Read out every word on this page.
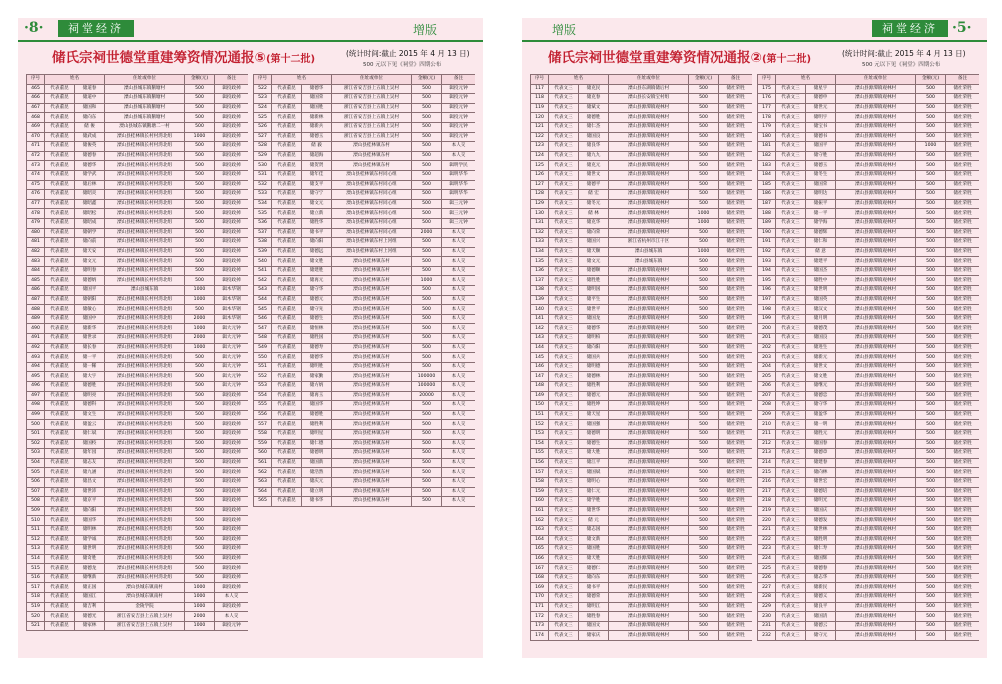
·8·	祠堂经济	增版
储氏宗祠世德堂重建筹资情况通报⑤(第十二批)
(统计时间:截止 2015 年 4 月 13 日)
500 元以下见《祠堂》四期公布
序号	姓名		住址或单位	金额(元)	备注
465	代表董昆	储道春	溧山县城东镇鹅塘村	500	辑投政掉
466	代表董昆	储道中	溧山县城东镇鹅塘村	500	辑投政掉
467	代表董昆	储国和	溧山县城东镇鹅塘村	500	辑投政掉
468	代表董昆	储向东	溧山县城东镇鹅塘村	500	辑投政掉
469	代表董昆	储 俊	溧山县城东镇鹅塘二一村	500	辑投政掉
470	代表董昆	储武成	溧山县桂林镇长村村湾北组	1000	辑投政掉
471	代表董昆	储俊英	溧山县桂林镇长村村湾北组	500	辑投政掉
472	代表董昆	储德春	溧山县桂林镇长村村湾北组	500	辑投政掉
473	代表董昆	储德华	溧山县桂林镇长村村湾北组	500	辑投政掉
474	代表董昆	储学武	溧山县桂林镇长村村湾北组	500	辑投政掉
475	代表董昆	储后林	溧山县桂林镇长村村湾北组	500	辑投政掉
476	代表董昆	储昭炎	溧山县桂林镇长村村湾北组	500	辑投政掉
477	代表董昆	储昭鑫	溧山县桂林镇长村村湾北组	500	辑投政掉
478	代表董昆	储昭松	溧山县桂林镇长村村湾北组	500	辑投政掉
479	代表董昆	储昭成	溧山县桂林镇长村村湾北组	500	辑投政掉
480	代表董昆	储朝学	溧山县桂林镇长村村湾北组	500	辑投政掉
481	代表董昆	储向前	溧山县桂林镇长村村湾北组	500	辑投政掉
482	代表董昆	储天安	溧山县桂林镇长村村湾北组	500	辑投政掉
483	代表董昆	储文元	溧山县桂林镇长村村湾北组	500	辑投政掉
484	代表董昆	储明春	溧山县桂林镇长村村湾北组	500	辑投政掉
485	代表董昆	储德炳	溧山县桂林镇长村村湾北组	500	辑投政掉
486	代表董昆	储国平	溧山县城东镇	1000	辑木华钢
487	代表董昆	储朝阳	溧山县桂林镇长村村湾北组	1000	辑木华钢
488	代表董昆	储敏心	溧山县桂林镇长村村湾北组	500	辑木华钢
489	代表董昆	储国中	溧山县桂林镇长村村湾北组	2000	辑木华钢
490	代表董昆	储新华	溧山县桂林镇长村村湾北组	1000	辑大元钟
491	代表董昆	储世录	溧山县桂林镇长村村湾北组	2000	辑大元钟
492	代表董昆	储长春	溧山县桂林镇长村村湾北组	1000	辑大元钟
493	代表董昆	储一平	溧山县桂林镇长村村湾北组	500	辑大元钟
494	代表董昆	储一稀	溧山县桂林镇长村村湾北组	500	辑大元钟
495	代表董昆	储大宇	溧山县桂林镇长村村湾北组	500	辑大元钟
496	代表董昆	储德胜	溧山县桂林镇长村村湾北组	500	辑大元钟
497	代表董昆	储明亮	溧山县桂林镇长村村湾北组	500	辑投政掉
498	代表董昆	储德科	溧山县桂林镇长村村湾北组	500	辑投政掉
499	代表董昆	储文生	溧山县桂林镇长村村湾北组	500	辑投政掉
500	代表董昆	储盈云	溧山县桂林镇长村村湾北组	500	辑投政掉
501	代表董昆	储仁斌	溧山县桂林镇长村村湾北组	500	辑投政掉
502	代表董昆	储国校	溧山县桂林镇长村村湾北组	500	辑投政掉
503	代表董昆	储年园	溧山县桂林镇长村村湾北组	500	辑投政掉
504	代表董昆	储志友	溧山县桂林镇长村村湾北组	500	辑投政掉
505	代表董昆	储九涵	溧山县桂林镇长村村湾北组	500	辑投政掉
506	代表董昆	储昌文	溧山县桂林镇长村村湾北组	500	辑投政掉
507	代表董昆	储世沛	溧山县桂林镇长村村湾北组	500	辑投政掉
508	代表董昆	储京平	溧山县桂林镇长村村湾北组	500	辑投政掉
509	代表董昆	储向阳	溧山县桂林镇长村村湾北组	500	辑投政掉
510	代表董昆	储国华	溧山县桂林镇长村村湾北组	500	辑投政掉
511	代表董昆	储明林	溧山县桂林镇长村村湾北组	500	辑投政掉
512	代表董昆	储学诚	溧山县桂林镇长村村湾北组	500	辑投政掉
513	代表董昆	储世明	溧山县桂林镇长村村湾北组	500	辑投政掉
514	代表董昆	储奇胜	溧山县桂林镇长村村湾北组	500	辑投政掉
515	代表董昆	储德龙	溧山县桂林镇长村村湾北组	500	辑投政掉
516	代表董昆	储继新	溧山县桂林镇长村村湾北组	500	辑投政掉
517	代表董昆	储正国	溧山县城东镇南村	1000	辑投政掉
518	代表董昆	储国江	溧山县城东镇南村	1000	本人交
519	代表董昆	储吉利	金陵学院	1000	辑投政掉
520	代表董昆	储德光	浙江省安吉县上五镇上吴村	2000	本人交
521	代表董昆	储家林	浙江省安吉县上五镇上吴村	1000	辑投元钟
序号	姓名		住址或单位	金额(元)	备注
522	代表董昆	储德华	浙江省安吉县上五镇上吴村	500	辑投元钟
523	代表董昆	储国荣	浙江省安吉县上五镇上吴村	500	辑投元钟
524	代表董昆	储国胜	浙江省安吉县上五镇上吴村	500	辑投元钟
525	代表董昆	储新林	浙江省安吉县上五镇上吴村	500	辑投元钟
526	代表董昆	储新兵	浙江省安吉县上五镇上吴村	500	辑投元钟
527	代表董昆	储德玉	浙江省安吉县上五镇上吴村	500	辑投元钟
528	代表董昆	储 毅	溧山县桂林镇东村	500	本人交
529	代表董昆	储超海	溧山县桂林镇东村	500	本人交
530	代表董昆	储贺贤	溧山县桂林镇东村	500	辑明学民
531	代表董昆	储年佳	溧山县桂林镇东村同心组	500	辑明华华
532	代表董昆	储支平	溧山县桂林镇东村同心组	500	辑明华华
533	代表董昆	储守宁	溧山县桂林镇东村同心组	500	辑明华华
534	代表董昆	储文元	溧山县桂林镇东村同心组	500	辑三元钟
535	代表董昆	储立新	溧山县桂林镇东村同心组	500	辑三元钟
536	代表董昆	储胜华	溧山县桂林镇东村同心组	500	辑三元钟
537	代表董昆	储书平	溧山县桂林镇东村同心组	2000	本人交
538	代表董昆	储向阳	溧山县桂林镇东村上河组	500	本人交
539	代表董昆	储德远	溧山县桂林镇东村上河组	500	本人交
540	代表董昆	储文胜	溧山县桂林镇东村	500	本人交
541	代表董昆	储建胜	溧山县桂林镇东村	500	本人交
542	代表董昆	储再元	溧山县桂林镇东村	1000	本人交
543	代表董昆	储守华	溧山县桂林镇东村	500	本人交
544	代表董昆	储德元	溧山县桂林镇东村	500	本人交
545	代表董昆	储守先	溧山县桂林镇东村	500	本人交
546	代表董昆	储德生	溧山县桂林镇东村	500	本人交
547	代表董昆	储恒林	溧山县桂林镇东村	500	本人交
548	代表董昆	储胜国	溧山县桂林镇东村	500	本人交
549	代表董昆	储德寿	溧山县桂林镇东村	500	本人交
550	代表董昆	储德华	溧山县桂林镇东村	500	本人交
551	代表董昆	储明胜	溧山县桂林镇东村	500	本人交
552	代表董昆	储家勤	溧山县桂林镇东村	100000	本人交
553	代表董昆	储方炳	溧山县桂林镇东村	100000	本人交
554	代表董昆	储再玉	溧山县桂林镇东村	20000	本人交
555	代表董昆	储国华	溧山县桂林镇东村	500	本人交
556	代表董昆	储德胜	溧山县桂林镇东村	500	本人交
557	代表董昆	储胜利	溧山县桂林镇东村	500	本人交
558	代表董昆	储明星	溧山县桂林镇东村	500	本人交
559	代表董昆	储仁德	溧山县桂林镇东村	500	本人交
560	代表董昆	储德明	溧山县桂林镇东村	500	本人交
561	代表董昆	储国新	溧山县桂林镇东村	500	本人交
562	代表董昆	储浩然	溧山县桂林镇东村	500	本人交
563	代表董昆	储庆元	溧山县桂林镇东村	500	本人交
564	代表董昆	储立明	溧山县桂林镇东村	500	本人交
565	代表董昆	储书华	溧山县桂林镇东村	500	本人交
增版	祠堂经济	·5·
储氏宗祠世德堂重建筹资情况通报②(第十二批)
(统计时间:截止 2015 年 4 月 13 日)
500 元以下见《祠堂》四期公布
序号	姓名		住址或单位	金额(元)	备注
117	代表文三	储克民	溧山县东湖镇储后村	500	储社荣胜
118	代表文三	储克春	溧山县长安镇宝村组	500	储社荣胜
119	代表文三	储斌文	溧山县源潭镇观林村	500	储社荣胜
120	代表文三	储德胜	溧山县源潭镇观林村	500	储社荣胜
121	代表文三	储仁杰	溧山县源潭镇观林村	500	储社荣胜
122	代表文三	储国良	溧山县源潭镇观林村	500	储社荣胜
123	代表文三	储良华	溧山县源潭镇观林村	500	储社荣胜
124	代表文三	储九九	溧山县源潭镇观林村	500	储社荣胜
125	代表文三	储克元	溧山县源潭镇观林村	500	储社荣胜
126	代表文三	储世文	溧山县源潭镇观林村	500	储社荣胜
127	代表文三	储德平	溧山县源潭镇观林村	500	储社荣胜
128	代表文三	储 宏	溧山县源潭镇观林村	500	储社荣胜
129	代表文三	储冬元	溧山县源潭镇观林村	500	储社荣胜
130	代表文三	储 林	溧山县源潭镇观林村	1000	储社荣胜
131	代表文三	储克华	溧山县源潭镇观林村	1000	储社荣胜
132	代表文三	储向荣	溧山县源潭镇观林村	500	储社荣胜
133	代表文三	储国兴	浙江省杭州市江干区	500	储社荣胜
134	代表文三	储天顺	溧山县城东镇	1000	储社荣胜
135	代表文三	储文元	溧山县城东镇	500	储社荣胜
136	代表文三	储德顺	溧山县源潭镇观林村	500	储社荣胜
137	代表文三	储胜胜	溧山县源潭镇观林村	500	储社荣胜
138	代表文三	储明国	溧山县源潭镇观林村	500	储社荣胜
139	代表文三	储平生	溧山县源潭镇观林村	500	储社荣胜
140	代表文三	储世平	溧山县源潭镇观林村	500	储社荣胜
141	代表文三	储国龙	溧山县源潭镇观林村	500	储社荣胜
142	代表文三	储德华	溧山县源潭镇观林村	500	储社荣胜
143	代表文三	储明柏	溧山县源潭镇观林村	500	储社荣胜
144	代表文三	储向阳	溧山县源潭镇观林村	500	储社荣胜
145	代表文三	储国兵	溧山县源潭镇观林村	500	储社荣胜
146	代表文三	储明德	溧山县源潭镇观林村	500	储社荣胜
147	代表文三	储德林	溧山县源潭镇观林村	500	储社荣胜
148	代表文三	储胜利	溧山县源潭镇观林村	500	储社荣胜
149	代表文三	储德元	溧山县源潭镇观林村	500	储社荣胜
150	代表文三	储胜坤	溧山县源潭镇观林村	500	储社荣胜
151	代表文三	储天星	溧山县源潭镇观林村	500	储社荣胜
152	代表文三	储国强	溧山县源潭镇观林村	500	储社荣胜
153	代表文三	储德明	溧山县源潭镇观林村	500	储社荣胜
154	代表文三	储德生	溧山县源潭镇观林村	500	储社荣胜
155	代表文三	储大胜	溧山县源潭镇观林村	500	储社荣胜
156	代表文三	储江平	溧山县源潭镇观林村	500	储社荣胜
157	代表文三	储国斌	溧山县源潭镇观林村	500	储社荣胜
158	代表文三	储明心	溧山县源潭镇观林村	500	储社荣胜
159	代表文三	储仁元	溧山县源潭镇观林村	500	储社荣胜
160	代表文三	储学胜	溧山县源潭镇观林村	500	储社荣胜
161	代表文三	储世华	溧山县源潭镇观林村	500	储社荣胜
162	代表文三	储 元	溧山县源潭镇观林村	500	储社荣胜
163	代表文三	储志国	溧山县源潭镇观林村	500	储社荣胜
164	代表文三	储文新	溧山县源潭镇观林村	500	储社荣胜
165	代表文三	储国胜	溧山县源潭镇观林村	500	储社荣胜
166	代表文三	储天胜	溧山县源潭镇观林村	500	储社荣胜
167	代表文三	储德仁	溧山县源潭镇观林村	500	储社荣胜
168	代表文三	储向东	溧山县源潭镇观林村	500	储社荣胜
169	代表文三	储书平	溧山县源潭镇观林村	500	储社荣胜
170	代表文三	储德荣	溧山县源潭镇观林村	500	储社荣胜
171	代表文三	储明江	溧山县源潭镇观林村	500	储社荣胜
172	代表文三	储胜春	溧山县源潭镇观林村	500	储社荣胜
173	代表文三	储国文	溧山县源潭镇观林村	500	储社荣胜
174	代表文三	储家庆	溧山县源潭镇观林村	500	储社荣胜
序号	姓名		住址或单位	金额(元)	备注
175	代表文三	储星宇	溧山县源潭镇观林村	500	储社荣胜
176	代表文三	储德申	溧山县源潭镇观林村	500	储社荣胜
177	代表文三	储世元	溧山县源潭镇观林村	500	储社荣胜
178	代表文三	储明宇	溧山县源潭镇观林村	500	储社荣胜
179	代表文三	储宝书	溧山县源潭镇观林村	500	储社荣胜
180	代表文三	储德书	溧山县源潭镇观林村	500	储社荣胜
181	代表文三	储国平	溧山县源潭镇观林村	1000	储社荣胜
182	代表文三	储守胜	溧山县源潭镇观林村	500	储社荣胜
183	代表文三	储德玉	溧山县源潭镇观林村	500	储社荣胜
184	代表文三	储冬生	溧山县源潭镇观林村	500	储社荣胜
185	代表文三	储国荣	溧山县源潭镇观林村	500	储社荣胜
186	代表文三	储明达	溧山县源潭镇观林村	500	储社荣胜
187	代表文三	储振平	溧山县源潭镇观林村	500	储社荣胜
188	代表文三	储一平	溧山县源潭镇观林村	500	储社荣胜
189	代表文三	储学海	溧山县源潭镇观林村	500	储社荣胜
190	代表文三	储德辉	溧山县源潭镇观林村	500	储社荣胜
191	代表文三	储仁和	溧山县源潭镇观林村	500	储社荣胜
192	代表文三	储 意	溧山县源潭镇观林村	500	储社荣胜
193	代表文三	储建平	溧山县源潭镇观林村	500	储社荣胜
194	代表文三	储国杰	溧山县源潭镇观林村	500	储社荣胜
195	代表文三	储胜中	溧山县源潭镇观林村	500	储社荣胜
196	代表文三	储世明	溧山县源潭镇观林村	500	储社荣胜
197	代表文三	储国英	溧山县源潭镇观林村	500	储社荣胜
198	代表文三	储汉文	溧山县源潭镇观林村	500	储社荣胜
199	代表文三	储月明	溧山县源潭镇观林村	500	储社荣胜
200	代表文三	储德茂	溧山县源潭镇观林村	500	储社荣胜
201	代表文三	储国良	溧山县源潭镇观林村	500	储社荣胜
202	代表文三	储进生	溧山县源潭镇观林村	500	储社荣胜
203	代表文三	储新元	溧山县源潭镇观林村	500	储社荣胜
204	代表文三	储世文	溧山县源潭镇观林村	500	储社荣胜
205	代表文三	储文胜	溧山县源潭镇观林村	500	储社荣胜
206	代表文三	储继元	溧山县源潭镇观林村	500	储社荣胜
207	代表文三	储德忠	溧山县源潭镇观林村	500	储社荣胜
208	代表文三	储守华	溧山县源潭镇观林村	500	储社荣胜
209	代表文三	储盈华	溧山县源潭镇观林村	500	储社荣胜
210	代表文三	储一明	溧山县源潭镇观林村	500	储社荣胜
211	代表文三	储胜元	溧山县源潭镇观林村	500	储社荣胜
212	代表文三	储国春	溧山县源潭镇观林村	500	储社荣胜
213	代表文三	储德章	溧山县源潭镇观林村	500	储社荣胜
214	代表文三	储建春	溧山县源潭镇观林村	500	储社荣胜
215	代表文三	储向林	溧山县源潭镇观林村	500	储社荣胜
216	代表文三	储世宏	溧山县源潭镇观林村	500	储社荣胜
217	代表文三	储德培	溧山县源潭镇观林村	500	储社荣胜
218	代表文三	储明光	溧山县源潭镇观林村	500	储社荣胜
219	代表文三	储国庆	溧山县源潭镇观林村	500	储社荣胜
220	代表文三	储德发	溧山县源潭镇观林村	500	储社荣胜
221	代表文三	储世林	溧山县源潭镇观林村	500	储社荣胜
222	代表文三	储胜明	溧山县源潭镇观林村	500	储社荣胜
223	代表文三	储仁寿	溧山县源潭镇观林村	500	储社荣胜
224	代表文三	储国辉	溧山县源潭镇观林村	500	储社荣胜
225	代表文三	储德春	溧山县源潭镇观林村	500	储社荣胜
226	代表文三	储志华	溧山县源潭镇观林村	500	储社荣胜
227	代表文三	储新民	溧山县源潭镇观林村	500	储社荣胜
228	代表文三	储德义	溧山县源潭镇观林村	500	储社荣胜
229	代表文三	储良平	溧山县源潭镇观林村	500	储社荣胜
230	代表文三	储国清	溧山县源潭镇观林村	500	储社荣胜
231	代表文三	储德云	溧山县源潭镇观林村	500	储社荣胜
232	代表文三	储守元	溧山县源潭镇观林村	500	储社荣胜
